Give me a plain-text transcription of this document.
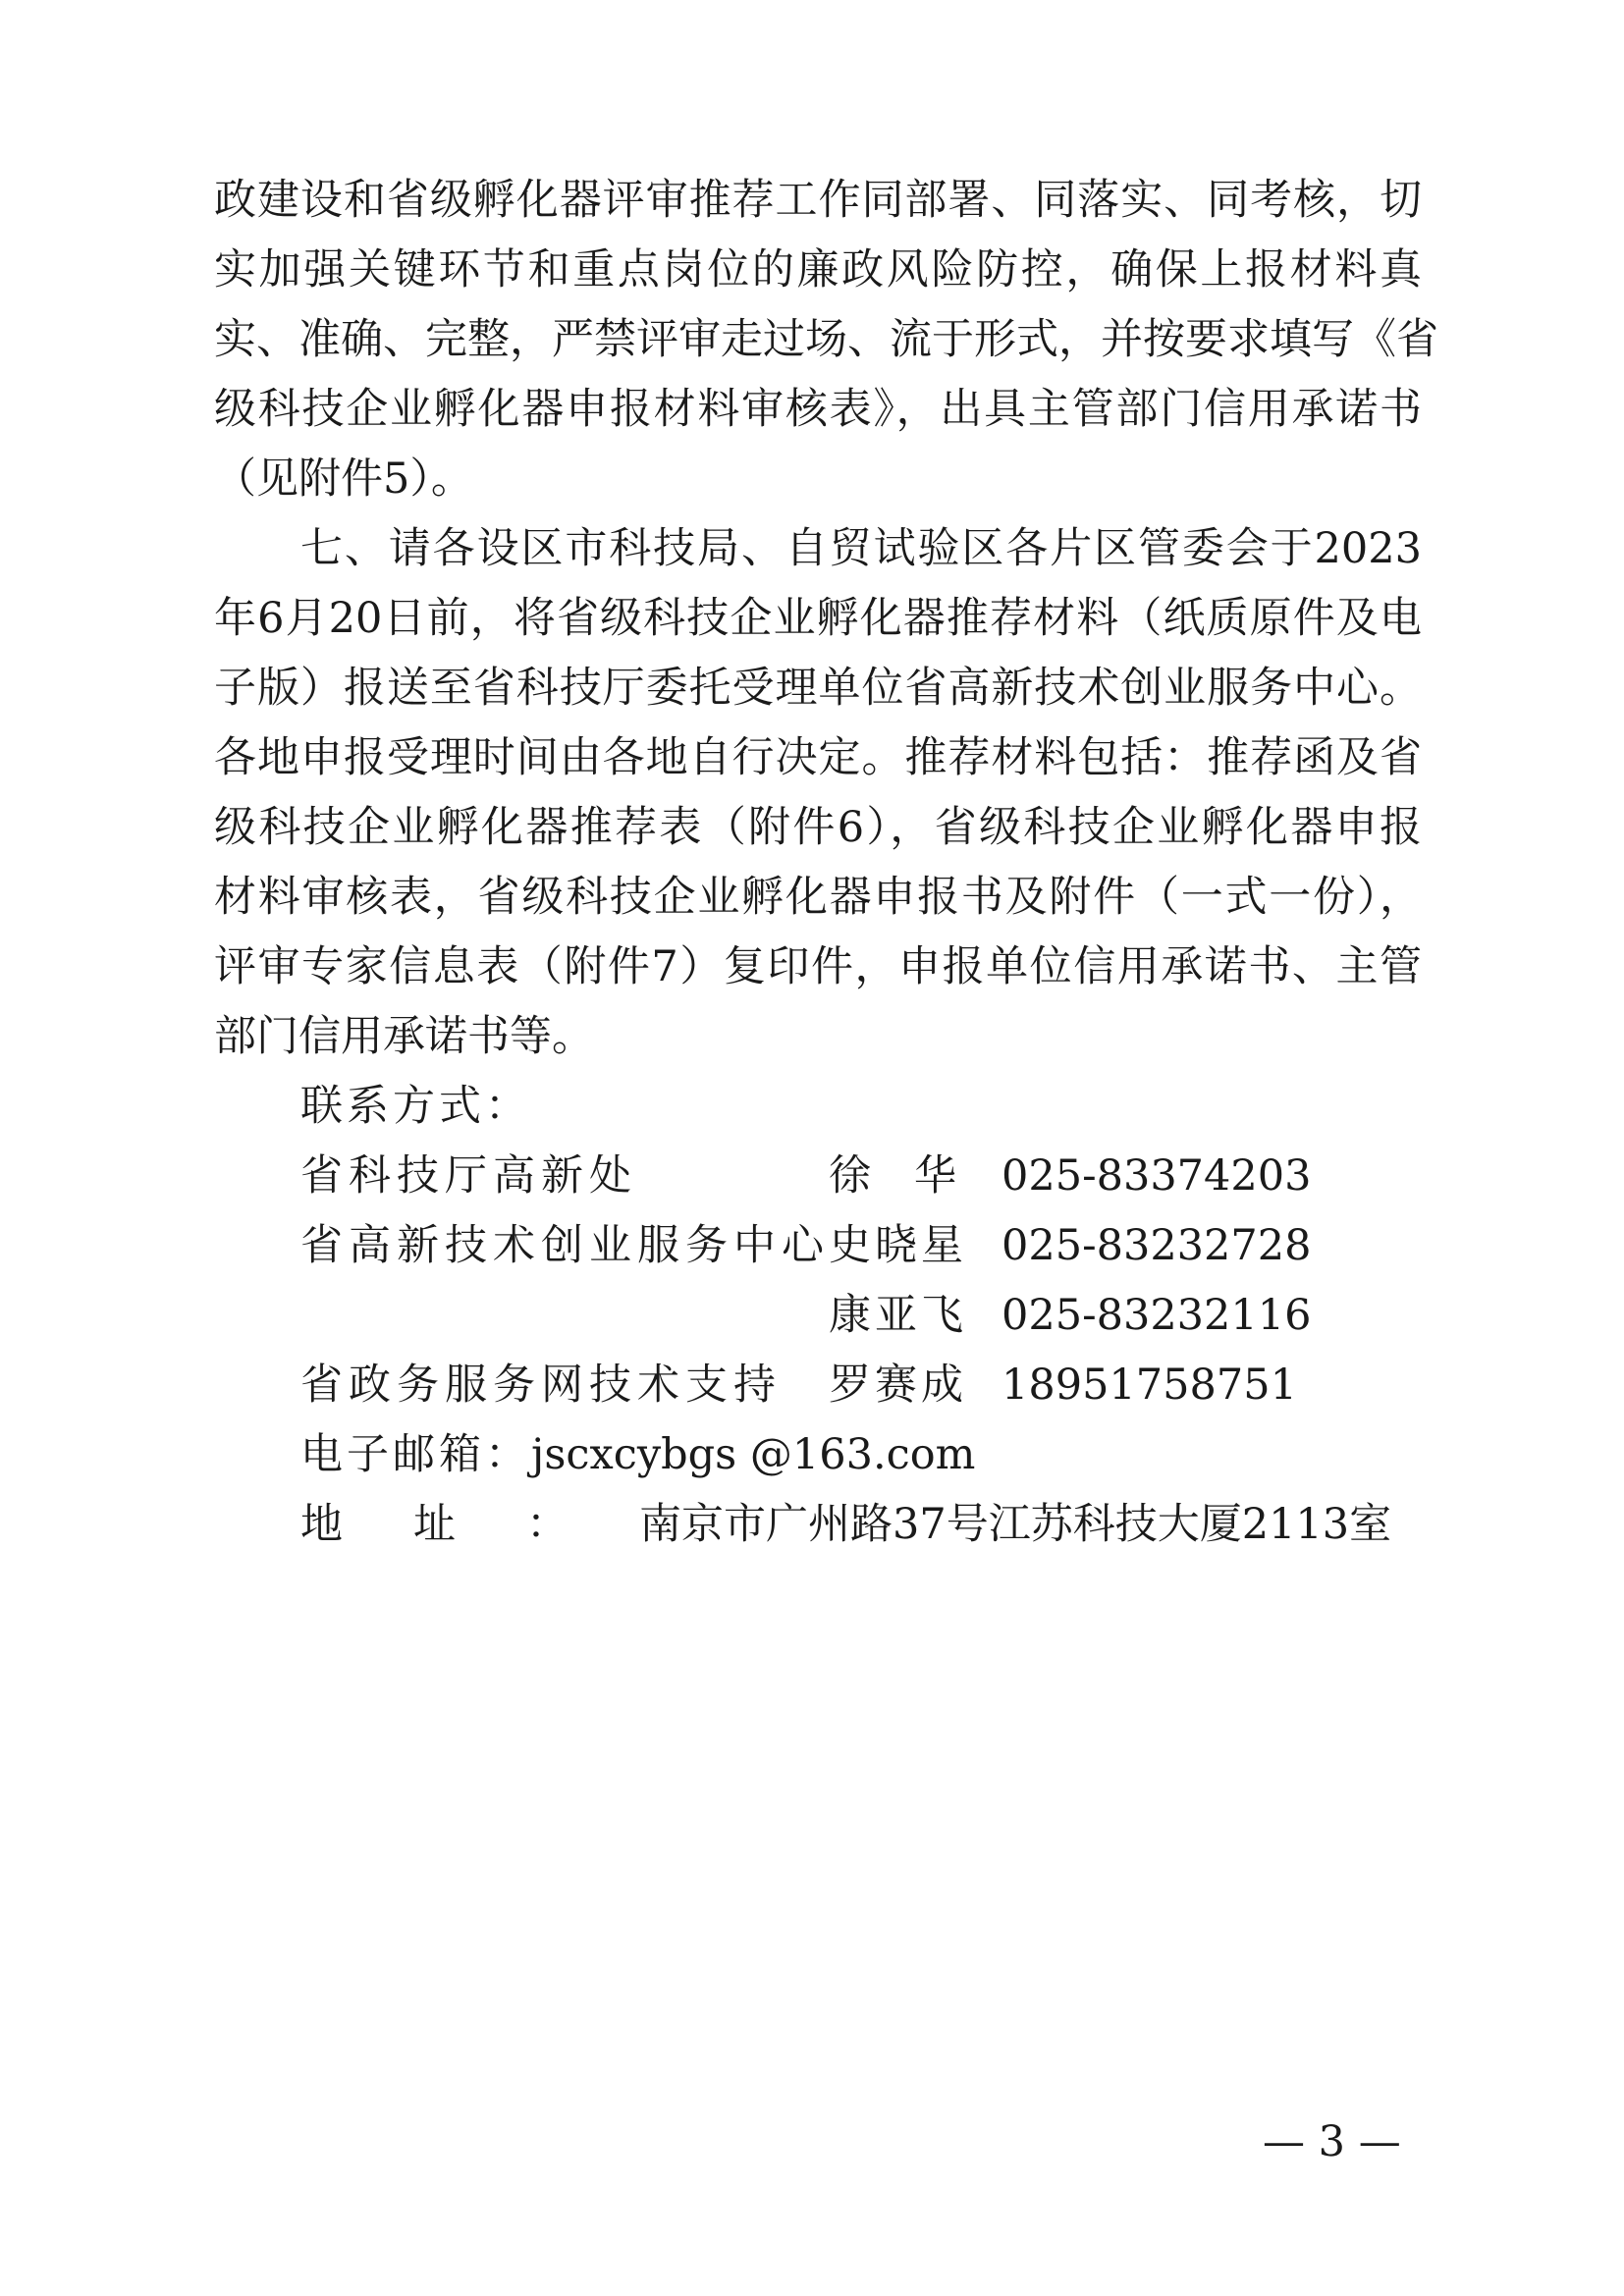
政建设和省级孵化器评审推荐工作同部署、同落实、同考核，切
实加强关键环节和重点岗位的廉政风险防控，确保上报材料真
实、准确、完整，严禁评审走过场、流于形式，并按要求填写《省
级科技企业孵化器申报材料审核表》，出具主管部门信用承诺书
（见附件5）。
七、请各设区市科技局、自贸试验区各片区管委会于2023
年6月20日前，将省级科技企业孵化器推荐材料（纸质原件及电
子版）报送至省科技厅委托受理单位省高新技术创业服务中心。
各地申报受理时间由各地自行决定。推荐材料包括：推荐函及省
级科技企业孵化器推荐表（附件6），省级科技企业孵化器申报
材料审核表，省级科技企业孵化器申报书及附件（一式一份），
评审专家信息表（附件7）复印件，申报单位信用承诺书、主管
部门信用承诺书等。
联系方式：
省科技厅高新处	徐华 025-83374203
省高新技术创业服务中心 史晓星 025-83232728
康亚飞 025-83232116
省政务服务网技术支持	罗赛成 18951758751
电子邮箱：jscxcybgs @163.com
地址：南京市广州路37号江苏科技大厦2113室
— 3 —
